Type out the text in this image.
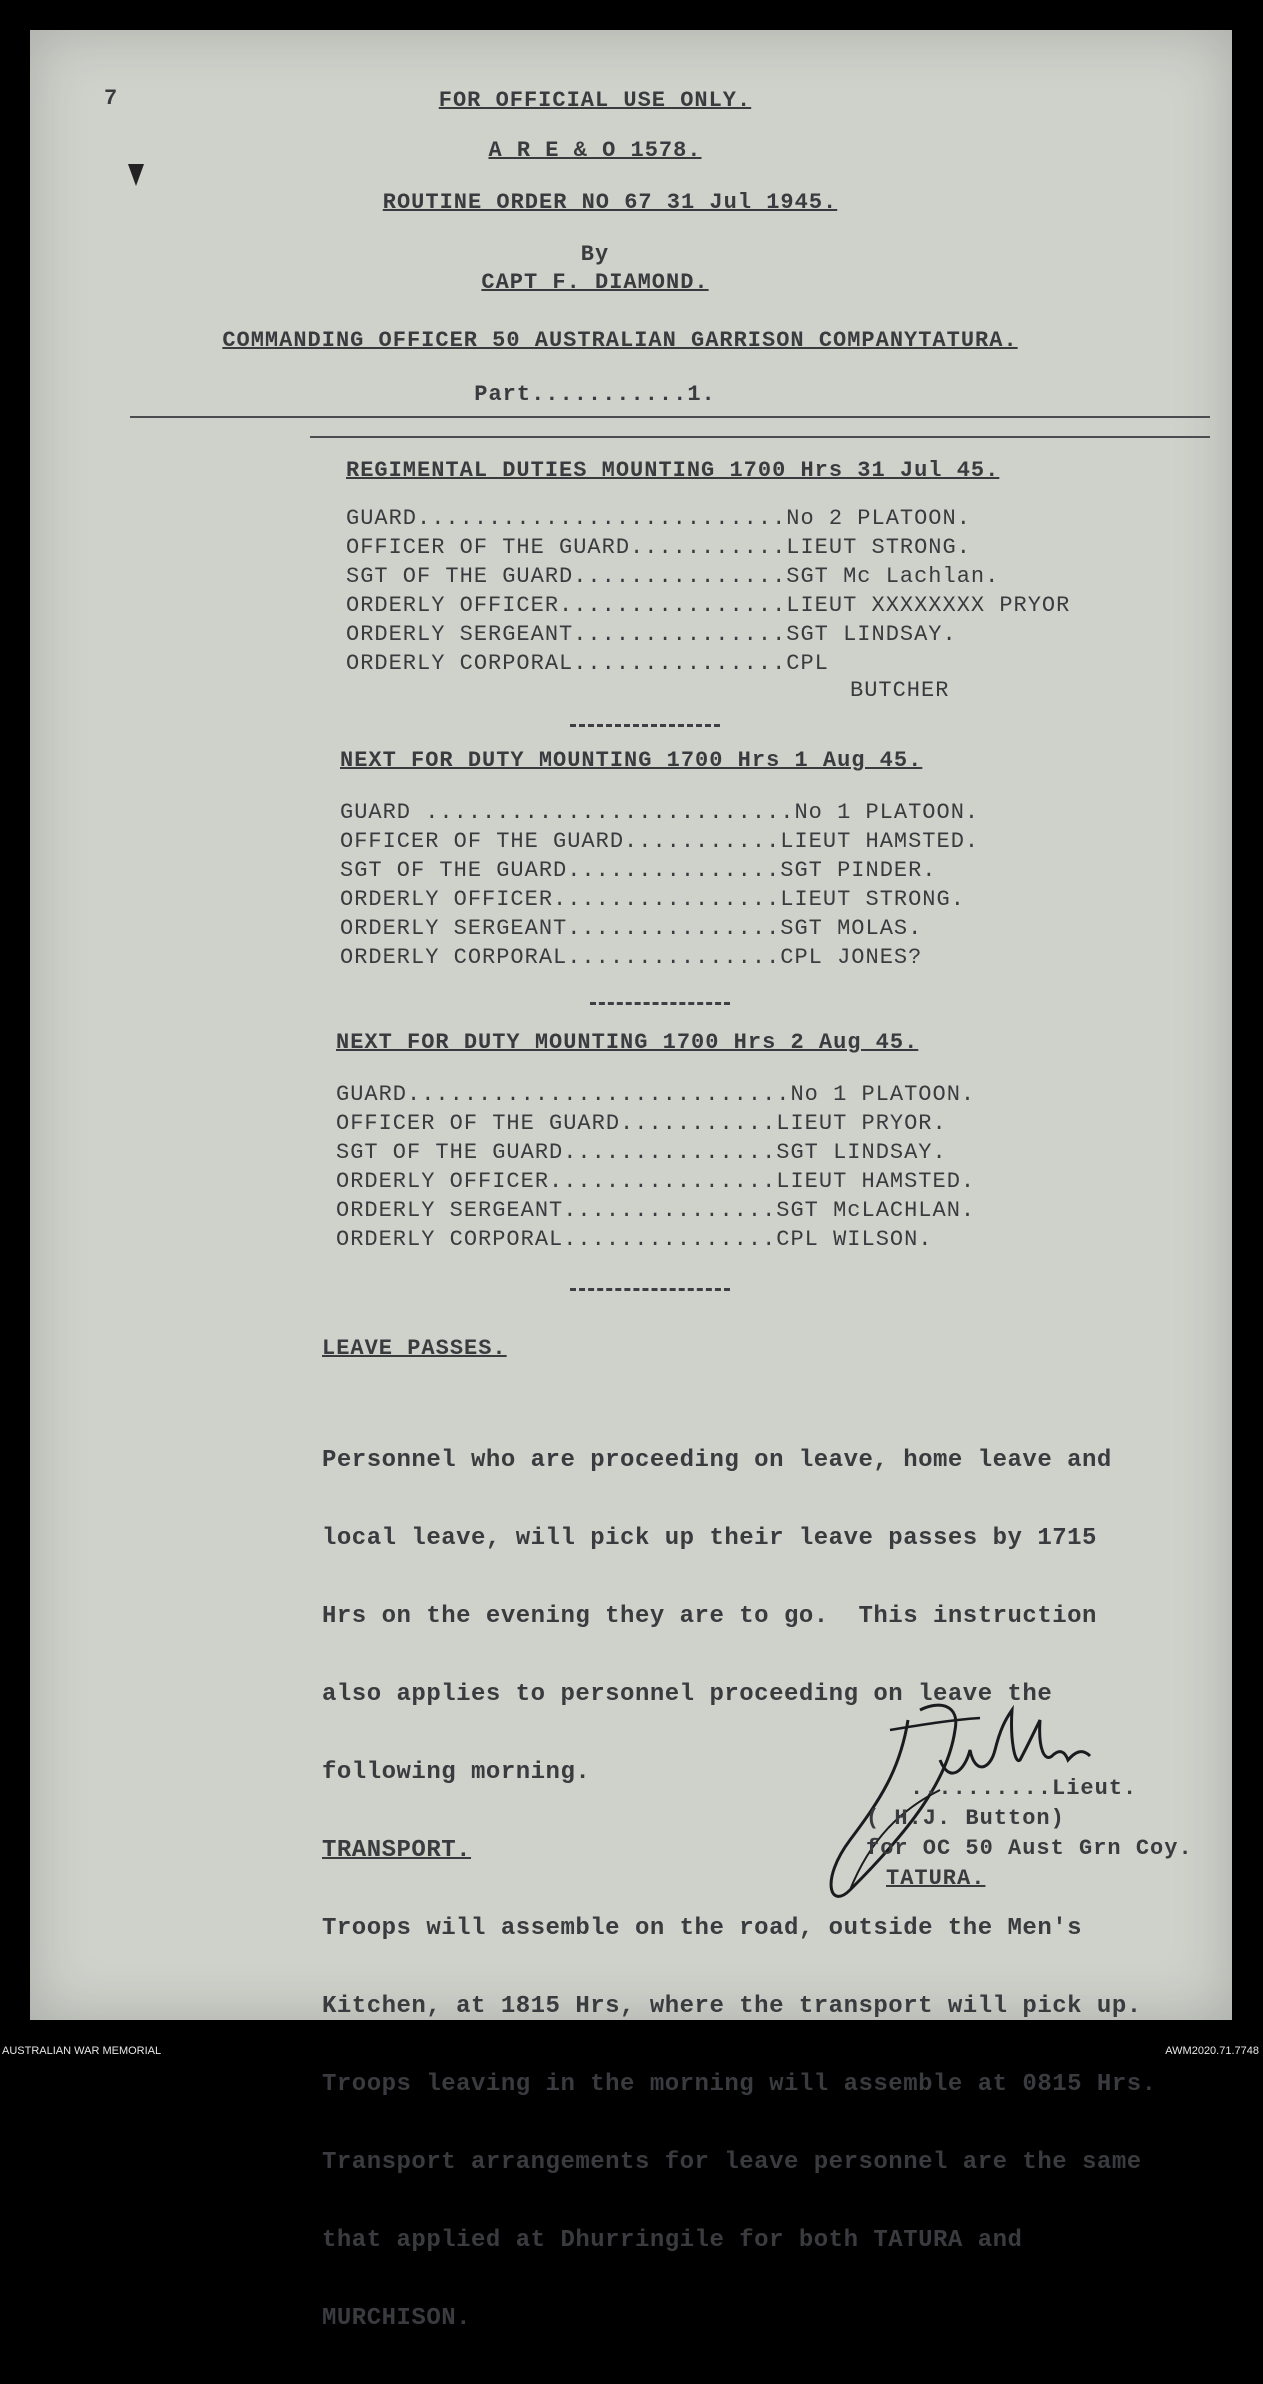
7	FOR OFFICIAL USE ONLY.
A R E & O 1578.
ROUTINE ORDER NO 67 31 Jul 1945.
By
CAPT F. DIAMOND.
COMMANDING OFFICER 50 AUSTRALIAN GARRISON COMPANYTATURA.
Part...........1.
REGIMENTAL DUTIES MOUNTING 1700 Hrs 31 Jul 45.
GUARD.......................... No 2 PLATOON.
OFFICER OF THE GUARD........... LIEUT STRONG.
SGT OF THE GUARD............... SGT Mc Lachlan.
ORDERLY OFFICER................ LIEUT XXXXXXXX PRYOR
ORDERLY SERGEANT............... SGT LINDSAY.
ORDERLY CORPORAL............... CPL
BUTCHER
NEXT FOR DUTY MOUNTING 1700 Hrs 1 Aug 45.
GUARD .......................... No 1 PLATOON.
OFFICER OF THE GUARD........... LIEUT HAMSTED.
SGT OF THE GUARD............... SGT PINDER.
ORDERLY OFFICER................ LIEUT STRONG.
ORDERLY SERGEANT............... SGT MOLAS.
ORDERLY CORPORAL............... CPL JONES?
NEXT FOR DUTY MOUNTING 1700 Hrs 2 Aug 45.
GUARD........................... No 1 PLATOON.
OFFICER OF THE GUARD........... LIEUT PRYOR.
SGT OF THE GUARD............... SGT LINDSAY.
ORDERLY OFFICER................ LIEUT HAMSTED.
ORDERLY SERGEANT............... SGT McLACHLAN.
ORDERLY CORPORAL............... CPL WILSON.
LEAVE PASSES.

Personnel who are proceeding on leave, home leave and

local leave, will pick up their leave passes by 1715

Hrs on the evening they are to go.  This instruction

also applies to personnel proceeding on leave the

following morning.

TRANSPORT.

Troops will assemble on the road, outside the Men's

Kitchen, at 1815 Hrs, where the transport will pick up.

Troops leaving in the morning will assemble at 0815 Hrs.

Transport arrangements for leave personnel are the same

that applied at Dhurringile for both TATURA and

MURCHISON.

..........Lieut.
( H.J. Button)
for OC 50 Aust Grn Coy.
TATURA.
AUSTRALIAN WAR MEMORIAL	AWM2020.71.7748
